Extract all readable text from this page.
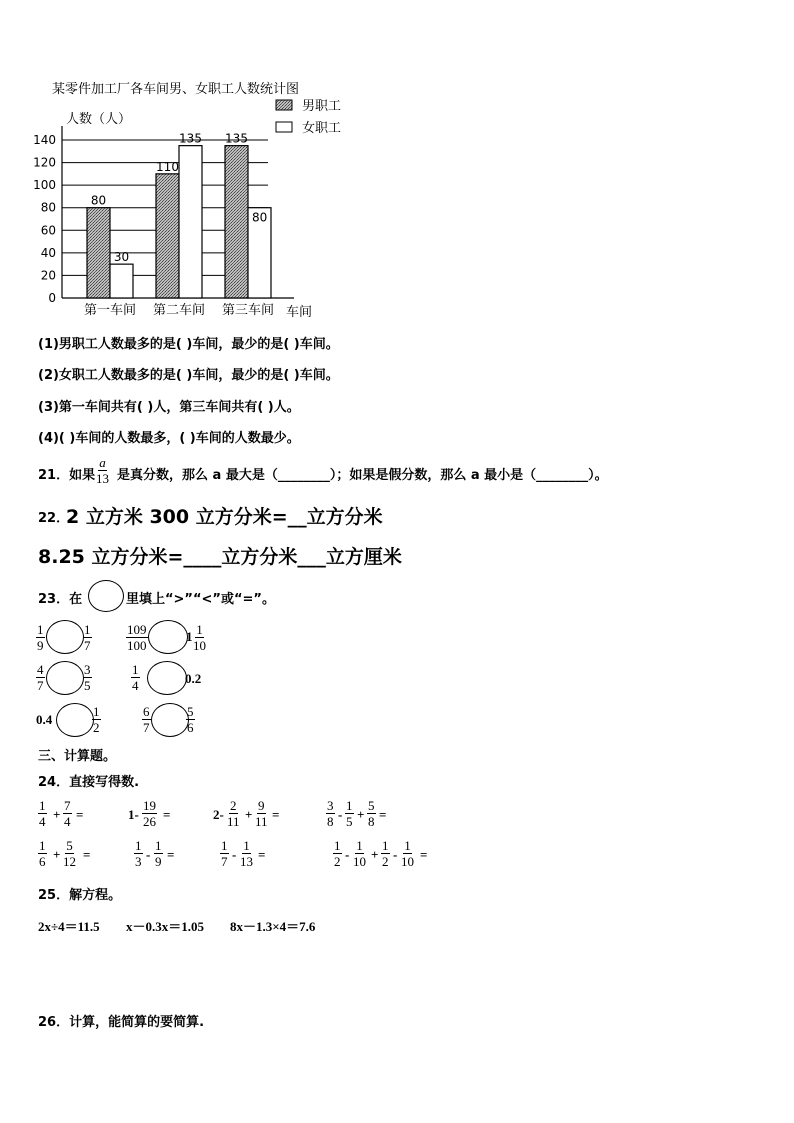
某零件加工厂各车间男、女职工人数统计图
人数（人）
0
20
40
60
80
100
120
140
第一车间 第二车间 第三车间
80
30
110
135 135
80
男职工
女职工
车间
(1)男职工人数最多的是( )车间，最少的是( )车间。
(2)女职工人数最多的是( )车间，最少的是( )车间。
(3)第一车间共有( )人，第三车间共有( )人。
(4)( )车间的人数最多，( )车间的人数最少。
21．如果 $\frac{a}{13}$ 是真分数，那么 a 最大是（________）；如果是假分数，那么 a 最小是（________）。
22．
2 立方米 300 立方分米=__立方分米
8.25 立方分米=____立方分米___立方厘米
23．在	里填上“>”“<”或“=”。
$\frac{1}{9}$	$\frac{1}{7}$	$\frac{109}{100}$	$1 \frac{1}{10}$
$\frac{4}{7}$	$\frac{3}{5}$	$\frac{1}{4}$	0.2
0.4	$\frac{1}{2}$	$\frac{6}{7}$	$\frac{5}{6}$
三、计算题。
24．直接写得数.
$\frac{1}{4} + \frac{7}{4}$ =	$1- \frac{19}{26}$ =	$2- \frac{2}{11} + \frac{9}{11}$ =	$\frac{3}{8} - \frac{1}{5} + \frac{5}{8}$ =
$\frac{1}{6} + \frac{5}{12}$ =	$\frac{1}{3} - \frac{1}{9}$ =	$\frac{1}{7} - \frac{1}{13}$ =	$\frac{1}{2} - \frac{1}{10} + \frac{1}{2} - \frac{1}{10}$ =
25．解方程。
2x÷4＝11.5 x－0.3x＝1.05 8x－1.3×4＝7.6
26．计算，能简算的要简算.
